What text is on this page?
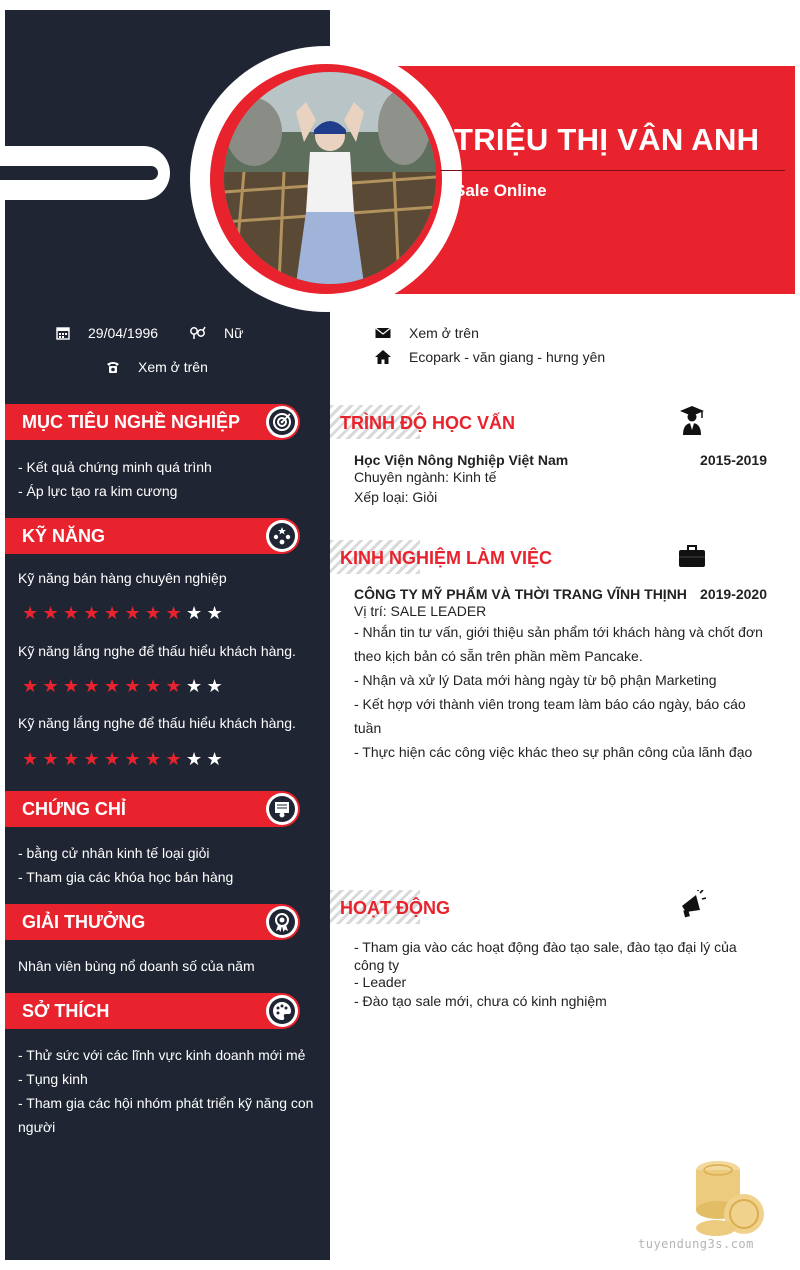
TRIỆU THỊ VÂN ANH
Sale Online
29/04/1996	Nữ
Xem ở trên
Xem ở trên
Ecopark - văn giang - hưng yên
MỤC TIÊU NGHỀ NGHIỆP
- Kết quả chứng minh quá trình
- Áp lực tạo ra kim cương
KỸ NĂNG
Kỹ năng bán hàng chuyên nghiệp
★ ★ ★ ★ ★ ★ ★ ★ ★ ★
Kỹ năng lắng nghe để thấu hiểu khách hàng.
★ ★ ★ ★ ★ ★ ★ ★ ★ ★
Kỹ năng lắng nghe để thấu hiểu khách hàng.
★ ★ ★ ★ ★ ★ ★ ★ ★ ★
CHỨNG CHỈ
- bằng cử nhân kinh tế loại giỏi
- Tham gia các khóa học bán hàng
GIẢI THƯỞNG
Nhân viên bùng nổ doanh số của năm
SỞ THÍCH
- Thử sức với các lĩnh vực kinh doanh mới mẻ
- Tụng kinh
- Tham gia các hội nhóm phát triển kỹ năng con
người
TRÌNH ĐỘ HỌC VẤN
Học Viện Nông Nghiệp Việt Nam	2015-2019
Chuyên ngành: Kinh tế
Xếp loại: Giỏi
KINH NGHIỆM LÀM VIỆC
CÔNG TY MỸ PHẨM VÀ THỜI TRANG VĨNH THỊNH 2019-2020
Vị trí: SALE LEADER
- Nhắn tin tư vấn, giới thiệu sản phẩm tới khách hàng và chốt đơn
theo kịch bản có sẵn trên phần mềm Pancake.
- Nhận và xử lý Data mới hàng ngày từ bộ phận Marketing
- Kết hợp với thành viên trong team làm báo cáo ngày, báo cáo
tuần
- Thực hiện các công việc khác theo sự phân công của lãnh đạo
HOẠT ĐỘNG
- Tham gia vào các hoạt động đào tạo sale, đào tạo đại lý của
công ty
- Leader
- Đào tạo sale mới, chưa có kinh nghiệm
tuyendung3s.com
